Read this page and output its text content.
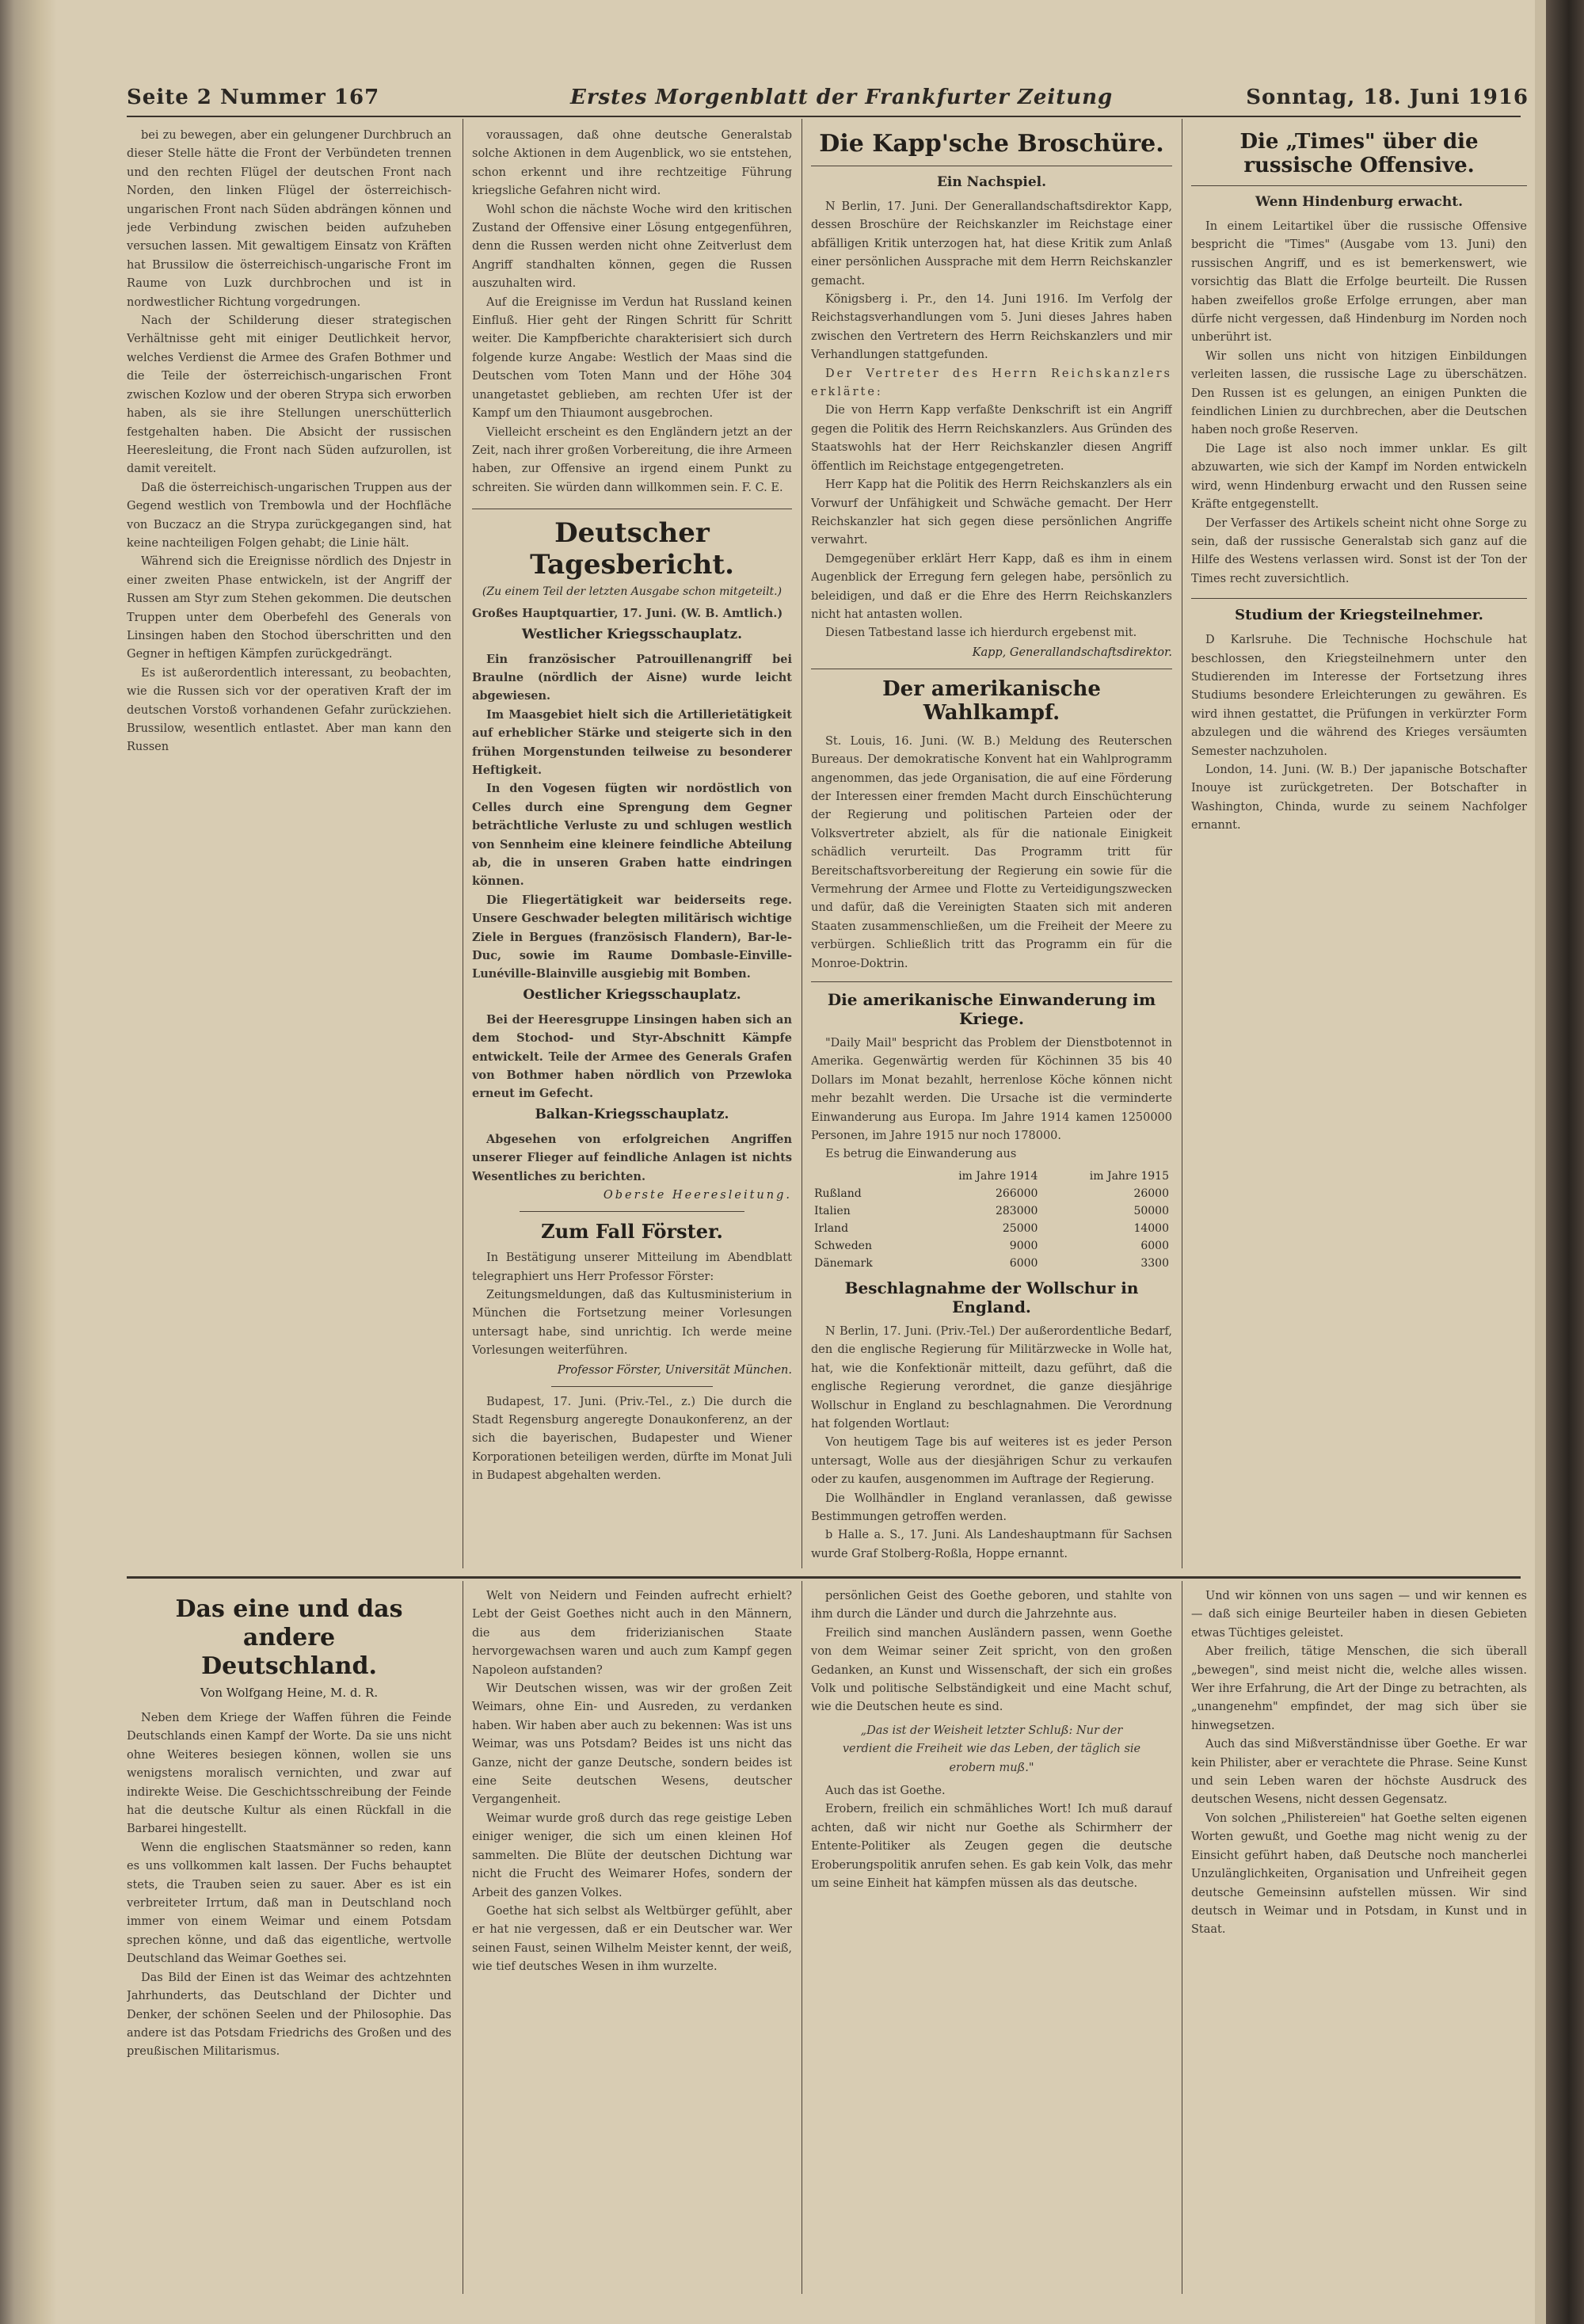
Seite 2 Nummer 167	Erstes Morgenblatt der Frankfurter Zeitung	Sonntag, 18. Juni 1916

bei zu bewegen, aber ein gelungener Durchbruch an dieser Stelle hätte die Front der Verbündeten trennen und den rechten Flügel der deutschen Front nach Norden, den linken Flügel der österreichisch-ungarischen Front nach Süden abdrängen können und jede Verbindung zwischen beiden aufzuheben versuchen lassen. Mit gewaltigem Einsatz von Kräften hat Brussilow die österreichisch-ungarische Front im Raume von Luzk durchbrochen und ist in nordwestlicher Richtung vorgedrungen.

Nach der Schilderung dieser strategischen Verhältnisse geht mit einiger Deutlichkeit hervor, welches Verdienst die Armee des Grafen Bothmer und die Teile der österreichisch-ungarischen Front zwischen Kozlow und der oberen Strypa sich erworben haben, als sie ihre Stellungen unerschütterlich festgehalten haben. Die Absicht der russischen Heeresleitung, die Front nach Süden aufzurollen, ist damit vereitelt.

Daß die österreichisch-ungarischen Truppen aus der Gegend westlich von Trembowla und der Hochfläche von Buczacz an die Strypa zurückgegangen sind, hat keine nachteiligen Folgen gehabt; die Linie hält.

Während sich die Ereignisse nördlich des Dnjestr in einer zweiten Phase entwickeln, ist der Angriff der Russen am Styr zum Stehen gekommen. Die deutschen Truppen unter dem Oberbefehl des Generals von Linsingen haben den Stochod überschritten und den Gegner in heftigen Kämpfen zurückgedrängt.

Es ist außerordentlich interessant, zu beobachten, wie die Russen sich vor der operativen Kraft der im deutschen Vorstoß vorhandenen Gefahr zurückziehen. Brussilow, wesentlich entlastet. Aber man kann den Russen

voraussagen, daß ohne deutsche Generalstab solche Aktionen in dem Augenblick, wo sie entstehen, schon erkennt und ihre rechtzeitige Führung kriegsliche Gefahren nicht wird.

Wohl schon die nächste Woche wird den kritischen Zustand der Offensive einer Lösung entgegenführen, denn die Russen werden nicht ohne Zeitverlust dem Angriff standhalten können, gegen die Russen auszuhalten wird.

Auf die Ereignisse im Verdun hat Russland keinen Einfluß. Hier geht der Ringen Schritt für Schritt weiter. Die Kampfberichte charakterisiert sich durch folgende kurze Angabe: Westlich der Maas sind die Deutschen vom Toten Mann und der Höhe 304 unangetastet geblieben, am rechten Ufer ist der Kampf um den Thiaumont ausgebrochen.

Vielleicht erscheint es den Engländern jetzt an der Zeit, nach ihrer großen Vorbereitung, die ihre Armeen haben, zur Offensive an irgend einem Punkt zu schreiten. Sie würden dann willkommen sein. F. C. E.

Deutscher Tagesbericht.
(Zu einem Teil der letzten Ausgabe schon mitgeteilt.)
Großes Hauptquartier, 17. Juni. (W. B. Amtlich.)
Westlicher Kriegsschauplatz.

Ein französischer Patrouillenangriff bei Braulne (nördlich der Aisne) wurde leicht abgewiesen.

Im Maasgebiet hielt sich die Artillerietätigkeit auf erheblicher Stärke und steigerte sich in den frühen Morgenstunden teilweise zu besonderer Heftigkeit.

In den Vogesen fügten wir nordöstlich von Celles durch eine Sprengung dem Gegner beträchtliche Verluste zu und schlugen westlich von Sennheim eine kleinere feindliche Abteilung ab, die in unseren Graben hatte eindringen können.

Die Fliegertätigkeit war beiderseits rege. Unsere Geschwader belegten militärisch wichtige Ziele in Bergues (französisch Flandern), Bar-le-Duc, sowie im Raume Dombasle-Einville-Lunéville-Blainville ausgiebig mit Bomben.

Oestlicher Kriegsschauplatz.

Bei der Heeresgruppe Linsingen haben sich an dem Stochod- und Styr-Abschnitt Kämpfe entwickelt. Teile der Armee des Generals Grafen von Bothmer haben nördlich von Przewloka erneut im Gefecht.

Balkan-Kriegsschauplatz.

Abgesehen von erfolgreichen Angriffen unserer Flieger auf feindliche Anlagen ist nichts Wesentliches zu berichten.

Oberste Heeresleitung.
Zum Fall Förster.

In Bestätigung unserer Mitteilung im Abendblatt telegraphiert uns Herr Professor Förster:

Zeitungsmeldungen, daß das Kultusministerium in München die Fortsetzung meiner Vorlesungen untersagt habe, sind unrichtig. Ich werde meine Vorlesungen weiterführen.

Professor Förster, Universität München.

Budapest, 17. Juni. (Priv.-Tel., z.) Die durch die Stadt Regensburg angeregte Donaukonferenz, an der sich die bayerischen, Budapester und Wiener Korporationen beteiligen werden, dürfte im Monat Juli in Budapest abgehalten werden.

Die Kapp'sche Broschüre.
Ein Nachspiel.

N Berlin, 17. Juni. Der Generallandschaftsdirektor Kapp, dessen Broschüre der Reichskanzler im Reichstage einer abfälligen Kritik unterzogen hat, hat diese Kritik zum Anlaß einer persönlichen Aussprache mit dem Herrn Reichskanzler gemacht.

Königsberg i. Pr., den 14. Juni 1916. Im Verfolg der Reichstagsverhandlungen vom 5. Juni dieses Jahres haben zwischen den Vertretern des Herrn Reichskanzlers und mir Verhandlungen stattgefunden.

Der Vertreter des Herrn Reichskanzlers erklärte:

Die von Herrn Kapp verfaßte Denkschrift ist ein Angriff gegen die Politik des Herrn Reichskanzlers. Aus Gründen des Staatswohls hat der Herr Reichskanzler diesen Angriff öffentlich im Reichstage entgegengetreten.

Herr Kapp hat die Politik des Herrn Reichskanzlers als ein Vorwurf der Unfähigkeit und Schwäche gemacht. Der Herr Reichskanzler hat sich gegen diese persönlichen Angriffe verwahrt.

Demgegenüber erklärt Herr Kapp, daß es ihm in einem Augenblick der Erregung fern gelegen habe, persönlich zu beleidigen, und daß er die Ehre des Herrn Reichskanzlers nicht hat antasten wollen.

Diesen Tatbestand lasse ich hierdurch ergebenst mit.

Kapp, Generallandschaftsdirektor.
Der amerikanische Wahlkampf.

St. Louis, 16. Juni. (W. B.) Meldung des Reuterschen Bureaus. Der demokratische Konvent hat ein Wahlprogramm angenommen, das jede Organisation, die auf eine Förderung der Interessen einer fremden Macht durch Einschüchterung der Regierung und politischen Parteien oder der Volksvertreter abzielt, als für die nationale Einigkeit schädlich verurteilt. Das Programm tritt für Bereitschaftsvorbereitung der Regierung ein sowie für die Vermehrung der Armee und Flotte zu Verteidigungszwecken und dafür, daß die Vereinigten Staaten sich mit anderen Staaten zusammenschließen, um die Freiheit der Meere zu verbürgen. Schließlich tritt das Programm ein für die Monroe-Doktrin.

Die amerikanische Einwanderung im Kriege.

"Daily Mail" bespricht das Problem der Dienstbotennot in Amerika. Gegenwärtig werden für Köchinnen 35 bis 40 Dollars im Monat bezahlt, herrenlose Köche können nicht mehr bezahlt werden. Die Ursache ist die verminderte Einwanderung aus Europa. Im Jahre 1914 kamen 1250000 Personen, im Jahre 1915 nur noch 178000.

Es betrug die Einwanderung aus

	im Jahre 1914	im Jahre 1915
Rußland	266000	26000
Italien	283000	50000
Irland	25000	14000
Schweden	9000	6000
Dänemark	6000	3300
Beschlagnahme der Wollschur in England.

N Berlin, 17. Juni. (Priv.-Tel.) Der außerordentliche Bedarf, den die englische Regierung für Militärzwecke in Wolle hat, hat, wie die Konfektionär mitteilt, dazu geführt, daß die englische Regierung verordnet, die ganze diesjährige Wollschur in England zu beschlagnahmen. Die Verordnung hat folgenden Wortlaut:

Von heutigem Tage bis auf weiteres ist es jeder Person untersagt, Wolle aus der diesjährigen Schur zu verkaufen oder zu kaufen, ausgenommen im Auftrage der Regierung.

Die Wollhändler in England veranlassen, daß gewisse Bestimmungen getroffen werden.

b Halle a. S., 17. Juni. Als Landeshauptmann für Sachsen wurde Graf Stolberg-Roßla, Hoppe ernannt.

Die „Times" über die russische Offensive.
Wenn Hindenburg erwacht.

In einem Leitartikel über die russische Offensive bespricht die "Times" (Ausgabe vom 13. Juni) den russischen Angriff, und es ist bemerkenswert, wie vorsichtig das Blatt die Erfolge beurteilt. Die Russen haben zweifellos große Erfolge errungen, aber man dürfe nicht vergessen, daß Hindenburg im Norden noch unberührt ist.

Wir sollen uns nicht von hitzigen Einbildungen verleiten lassen, die russische Lage zu überschätzen. Den Russen ist es gelungen, an einigen Punkten die feindlichen Linien zu durchbrechen, aber die Deutschen haben noch große Reserven.

Die Lage ist also noch immer unklar. Es gilt abzuwarten, wie sich der Kampf im Norden entwickeln wird, wenn Hindenburg erwacht und den Russen seine Kräfte entgegenstellt.

Der Verfasser des Artikels scheint nicht ohne Sorge zu sein, daß der russische Generalstab sich ganz auf die Hilfe des Westens verlassen wird. Sonst ist der Ton der Times recht zuversichtlich.

Studium der Kriegsteilnehmer.

D Karlsruhe. Die Technische Hochschule hat beschlossen, den Kriegsteilnehmern unter den Studierenden im Interesse der Fortsetzung ihres Studiums besondere Erleichterungen zu gewähren. Es wird ihnen gestattet, die Prüfungen in verkürzter Form abzulegen und die während des Krieges versäumten Semester nachzuholen.

London, 14. Juni. (W. B.) Der japanische Botschafter Inouye ist zurückgetreten. Der Botschafter in Washington, Chinda, wurde zu seinem Nachfolger ernannt.

Das eine und das andere
Deutschland.
Von Wolfgang Heine, M. d. R.

Neben dem Kriege der Waffen führen die Feinde Deutschlands einen Kampf der Worte. Da sie uns nicht ohne Weiteres besiegen können, wollen sie uns wenigstens moralisch vernichten, und zwar auf indirekte Weise. Die Geschichtsschreibung der Feinde hat die deutsche Kultur als einen Rückfall in die Barbarei hingestellt.

Wenn die englischen Staatsmänner so reden, kann es uns vollkommen kalt lassen. Der Fuchs behauptet stets, die Trauben seien zu sauer. Aber es ist ein verbreiteter Irrtum, daß man in Deutschland noch immer von einem Weimar und einem Potsdam sprechen könne, und daß das eigentliche, wertvolle Deutschland das Weimar Goethes sei.

Das Bild der Einen ist das Weimar des achtzehnten Jahrhunderts, das Deutschland der Dichter und Denker, der schönen Seelen und der Philosophie. Das andere ist das Potsdam Friedrichs des Großen und des preußischen Militarismus.

Welt von Neidern und Feinden aufrecht erhielt? Lebt der Geist Goethes nicht auch in den Männern, die aus dem friderizianischen Staate hervorgewachsen waren und auch zum Kampf gegen Napoleon aufstanden?

Wir Deutschen wissen, was wir der großen Zeit Weimars, ohne Ein- und Ausreden, zu verdanken haben. Wir haben aber auch zu bekennen: Was ist uns Weimar, was uns Potsdam? Beides ist uns nicht das Ganze, nicht der ganze Deutsche, sondern beides ist eine Seite deutschen Wesens, deutscher Vergangenheit.

Weimar wurde groß durch das rege geistige Leben einiger weniger, die sich um einen kleinen Hof sammelten. Die Blüte der deutschen Dichtung war nicht die Frucht des Weimarer Hofes, sondern der Arbeit des ganzen Volkes.

Goethe hat sich selbst als Weltbürger gefühlt, aber er hat nie vergessen, daß er ein Deutscher war. Wer seinen Faust, seinen Wilhelm Meister kennt, der weiß, wie tief deutsches Wesen in ihm wurzelte.

persönlichen Geist des Goethe geboren, und stahlte von ihm durch die Länder und durch die Jahrzehnte aus.

Freilich sind manchen Ausländern passen, wenn Goethe von dem Weimar seiner Zeit spricht, von den großen Gedanken, an Kunst und Wissenschaft, der sich ein großes Volk und politische Selbständigkeit und eine Macht schuf, wie die Deutschen heute es sind.

„Das ist der Weisheit letzter Schluß: Nur der verdient die Freiheit wie das Leben, der täglich sie erobern muß."

Auch das ist Goethe.

Erobern, freilich ein schmähliches Wort! Ich muß darauf achten, daß wir nicht nur Goethe als Schirmherr der Entente-Politiker als Zeugen gegen die deutsche Eroberungspolitik anrufen sehen. Es gab kein Volk, das mehr um seine Einheit hat kämpfen müssen als das deutsche.

Und wir können von uns sagen — und wir kennen es — daß sich einige Beurteiler haben in diesen Gebieten etwas Tüchtiges geleistet.

Aber freilich, tätige Menschen, die sich überall „bewegen", sind meist nicht die, welche alles wissen. Wer ihre Erfahrung, die Art der Dinge zu betrachten, als „unangenehm" empfindet, der mag sich über sie hinwegsetzen.

Auch das sind Mißverständnisse über Goethe. Er war kein Philister, aber er verachtete die Phrase. Seine Kunst und sein Leben waren der höchste Ausdruck des deutschen Wesens, nicht dessen Gegensatz.

Von solchen „Philistereien" hat Goethe selten eigenen Worten gewußt, und Goethe mag nicht wenig zu der Einsicht geführt haben, daß Deutsche noch mancherlei Unzulänglichkeiten, Organisation und Unfreiheit gegen deutsche Gemeinsinn aufstellen müssen. Wir sind deutsch in Weimar und in Potsdam, in Kunst und in Staat.
